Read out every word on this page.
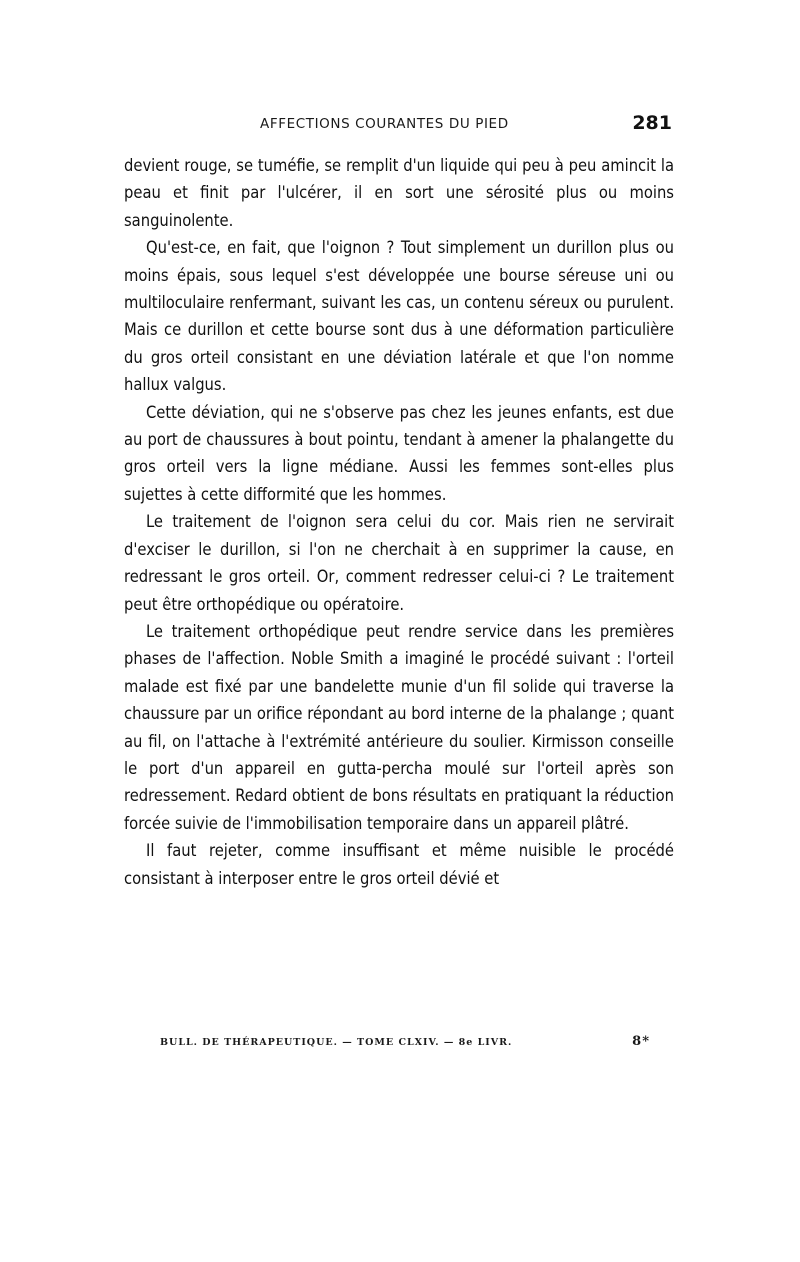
AFFECTIONS COURANTES DU PIED	281

devient rouge, se tuméfie, se remplit d'un liquide qui peu à peu amincit la peau et finit par l'ulcérer, il en sort une sérosité plus ou moins sanguinolente.

Qu'est-ce, en fait, que l'oignon ? Tout simplement un durillon plus ou moins épais, sous lequel s'est développée une bourse séreuse uni ou multiloculaire renfermant, suivant les cas, un contenu séreux ou purulent. Mais ce durillon et cette bourse sont dus à une déformation particulière du gros orteil consistant en une déviation latérale et que l'on nomme hallux valgus.

Cette déviation, qui ne s'observe pas chez les jeunes enfants, est due au port de chaussures à bout pointu, tendant à amener la phalangette du gros orteil vers la ligne médiane. Aussi les femmes sont-elles plus sujettes à cette difformité que les hommes.

Le traitement de l'oignon sera celui du cor. Mais rien ne servirait d'exciser le durillon, si l'on ne cherchait à en supprimer la cause, en redressant le gros orteil. Or, comment redresser celui-ci ? Le traitement peut être orthopédique ou opératoire.

Le traitement orthopédique peut rendre service dans les premières phases de l'affection. Noble Smith a imaginé le procédé suivant : l'orteil malade est fixé par une bandelette munie d'un fil solide qui traverse la chaussure par un orifice répondant au bord interne de la phalange ; quant au fil, on l'attache à l'extrémité antérieure du soulier. Kirmisson conseille le port d'un appareil en gutta-percha moulé sur l'orteil après son redressement. Redard obtient de bons résultats en pratiquant la réduction forcée suivie de l'immobilisation temporaire dans un appareil plâtré.

Il faut rejeter, comme insuffisant et même nuisible le procédé consistant à interposer entre le gros orteil dévié et

BULL. DE THÉRAPEUTIQUE. — TOME CLXIV. — 8e LIVR.	8*
